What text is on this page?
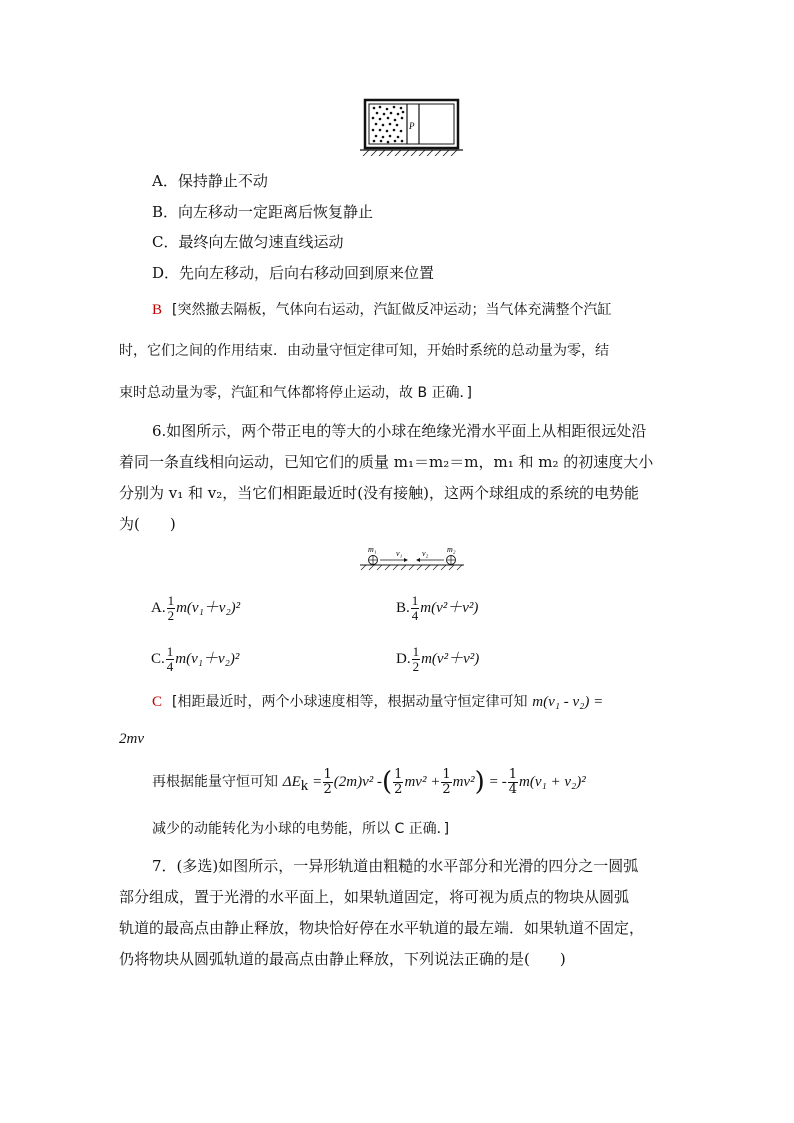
P
A．保持静止不动
B．向左移动一定距离后恢复静止
C．最终向左做匀速直线运动
D．先向左移动，后向右移动回到原来位置
B [突然撤去隔板，气体向右运动，汽缸做反冲运动；当气体充满整个汽缸
时，它们之间的作用结束．由动量守恒定律可知，开始时系统的总动量为零，结
束时总动量为零，汽缸和气体都将停止运动，故 B 正确．]
6.如图所示，两个带正电的等大的小球在绝缘光滑水平面上从相距很远处沿
着同一条直线相向运动，已知它们的质量 m₁＝m₂＝m，m₁ 和 m₂ 的初速度大小
分别为 v₁ 和 v₂，当它们相距最近时(没有接触)，这两个球组成的系统的电势能
为(　　)
m₁ v₁ v₂ m₂
A. $\frac{1}{2} m(v_1+v_2)^2$	B. $\frac{1}{4} m(v^2+v^2)$
C. $\frac{1}{4} m(v_1+v_2)^2$	D. $\frac{1}{2} m(v^2+v^2)$
C [相距最近时，两个小球速度相等，根据动量守恒定律可知 m(v₁ - v₂) =
2mv
再根据能量守恒可知 $\Delta E_k = \frac{1}{2} (2m)v^2$ -( $\frac{1}{2} mv^2 + \frac{1}{2} mv^2$) = - $\frac{1}{4} m(v_1 + v_2)^2$
减少的动能转化为小球的电势能，所以 C 正确．]
7．(多选)如图所示，一异形轨道由粗糙的水平部分和光滑的四分之一圆弧
部分组成，置于光滑的水平面上，如果轨道固定，将可视为质点的物块从圆弧
轨道的最高点由静止释放，物块恰好停在水平轨道的最左端．如果轨道不固定，
仍将物块从圆弧轨道的最高点由静止释放，下列说法正确的是(　　)
